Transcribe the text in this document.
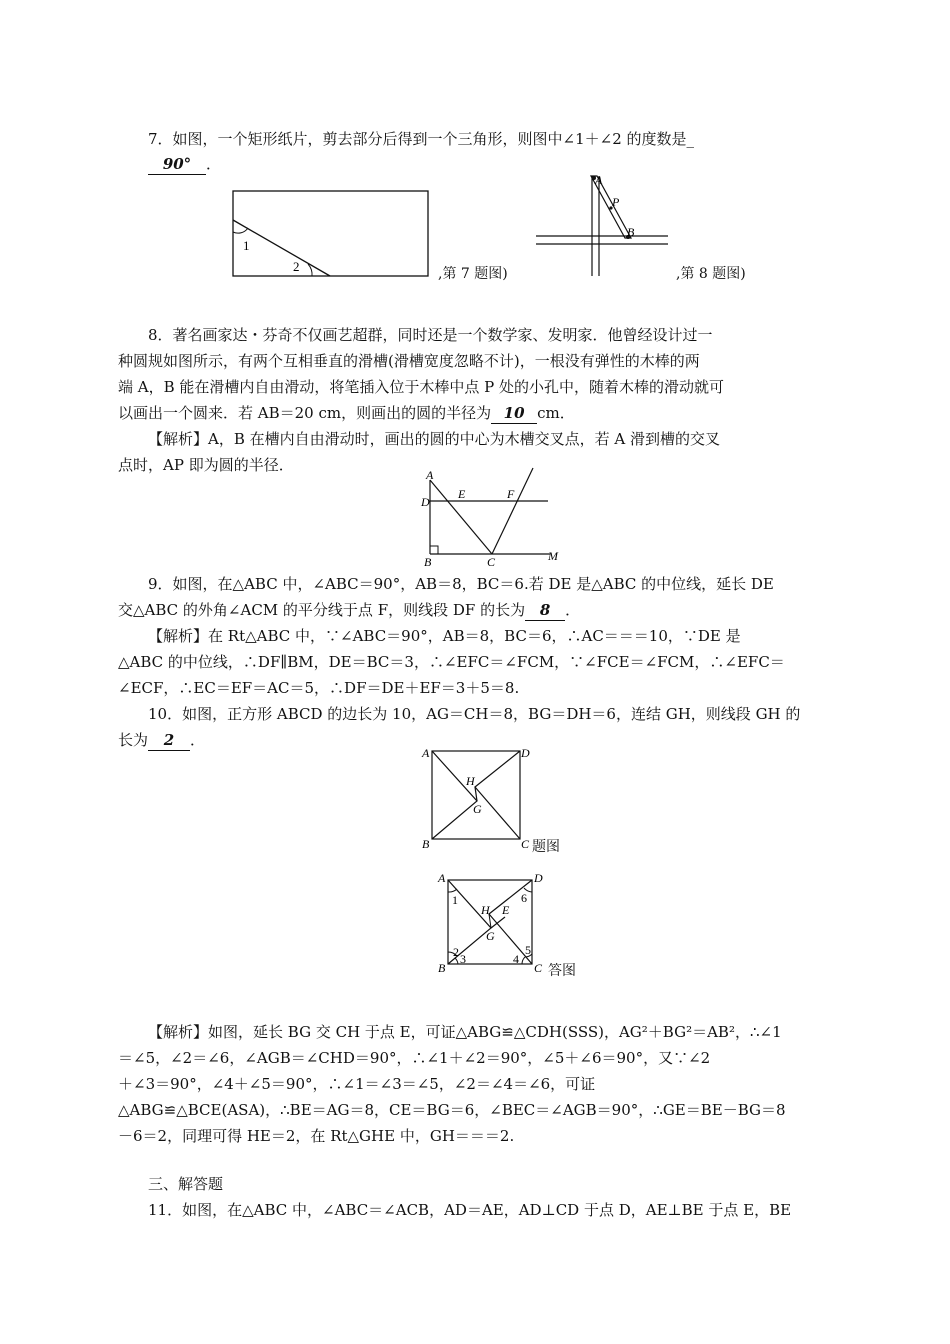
7．如图，一个矩形纸片，剪去部分后得到一个三角形，则图中∠1＋∠2 的度数是_
90° ．
1
2	,第 7 题图)
A
P
B
,第 8 题图)
8．著名画家达・芬奇不仅画艺超群，同时还是一个数学家、发明家．他曾经设计过一
种圆规如图所示，有两个互相垂直的滑槽(滑槽宽度忽略不计)，一根没有弹性的木棒的两
端 A，B 能在滑槽内自由滑动，将笔插入位于木棒中点 P 处的小孔中，随着木棒的滑动就可
以画出一个圆来．若 AB＝20 cm，则画出的圆的半径为 10 cm．
【解析】A，B 在槽内自由滑动时，画出的圆的中心为木槽交叉点，若 A 滑到槽的交叉
点时，AP 即为圆的半径．
A
D
E	F
B	C	M
9．如图，在△ABC 中，∠ABC＝90°，AB＝8，BC＝6.若 DE 是△ABC 的中位线，延长 DE
交△ABC 的外角∠ACM 的平分线于点 F，则线段 DF 的长为 8 ．
【解析】在 Rt△ABC 中，∵∠ABC＝90°，AB＝8，BC＝6，∴AC＝＝＝10，∵DE 是
△ABC 的中位线，∴DF∥BM，DE＝BC＝3，∴∠EFC＝∠FCM，∵∠FCE＝∠FCM，∴∠EFC＝
∠ECF，∴EC＝EF＝AC＝5，∴DF＝DE＋EF＝3＋5＝8.
10．如图，正方形 ABCD 的边长为 10，AG＝CH＝8，BG＝DH＝6，连结 GH，则线段 GH 的
长为 2 ．
A	D
H
G
B	C 题图
A	D
1	6
H E
G
2 3	4
5
B	C 答图
【解析】如图，延长 BG 交 CH 于点 E，可证△ABG≌△CDH(SSS)，AG²＋BG²＝AB²，∴∠1
＝∠5，∠2＝∠6，∠AGB＝∠CHD＝90°，∴∠1＋∠2＝90°，∠5＋∠6＝90°，又∵∠2
＋∠3＝90°，∠4＋∠5＝90°，∴∠1＝∠3＝∠5，∠2＝∠4＝∠6，可证
△ABG≌△BCE(ASA)，∴BE＝AG＝8，CE＝BG＝6，∠BEC＝∠AGB＝90°，∴GE＝BE－BG＝8
－6＝2，同理可得 HE＝2，在 Rt△GHE 中，GH＝＝＝2.
三、解答题
11．如图，在△ABC 中，∠ABC＝∠ACB，AD＝AE，AD⊥CD 于点 D，AE⊥BE 于点 E，BE
